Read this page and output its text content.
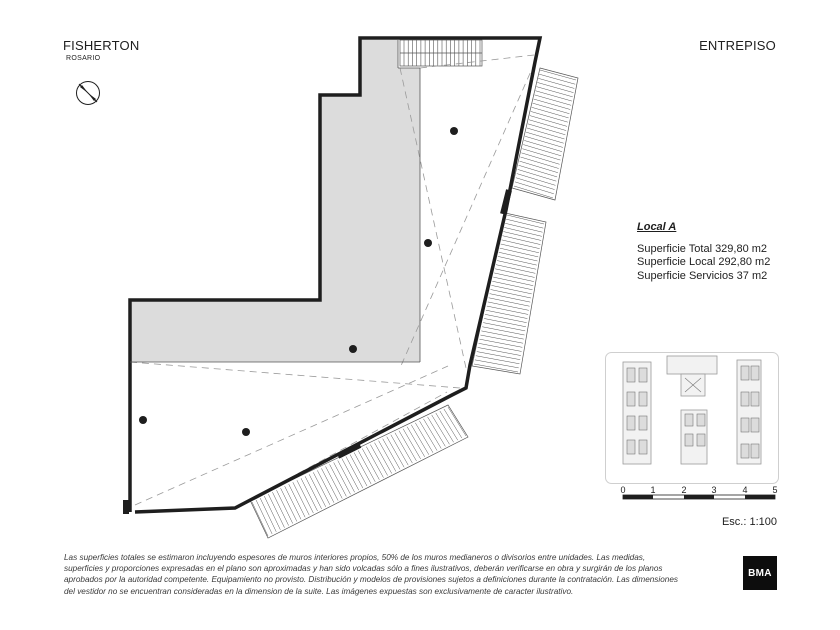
FISHERTON
ROSARIO
ENTREPISO
Local A
Superficie Total 329,80 m2
Superficie Local 292,80 m2
Superficie Servicios 37 m2
0	1	2	3	4	5
Esc.: 1:100
Las superficies totales se estimaron incluyendo espesores de muros interiores propios, 50% de los muros medianeros o divisorios entre unidades. Las medidas, superficies y proporciones expresadas en el plano son aproximadas y han sido volcadas sólo a fines ilustrativos, deberán verificarse en obra y surgirán de los planos aprobados por la autoridad competente. Equipamiento no provisto. Distribución y modelos de provisiones sujetos a definiciones durante la contratación. Las dimensiones del vestidor no se encuentran consideradas en la dimension de la suite. Las imágenes expuestas son exclusivamente de caracter ilustrativo.
BMA
